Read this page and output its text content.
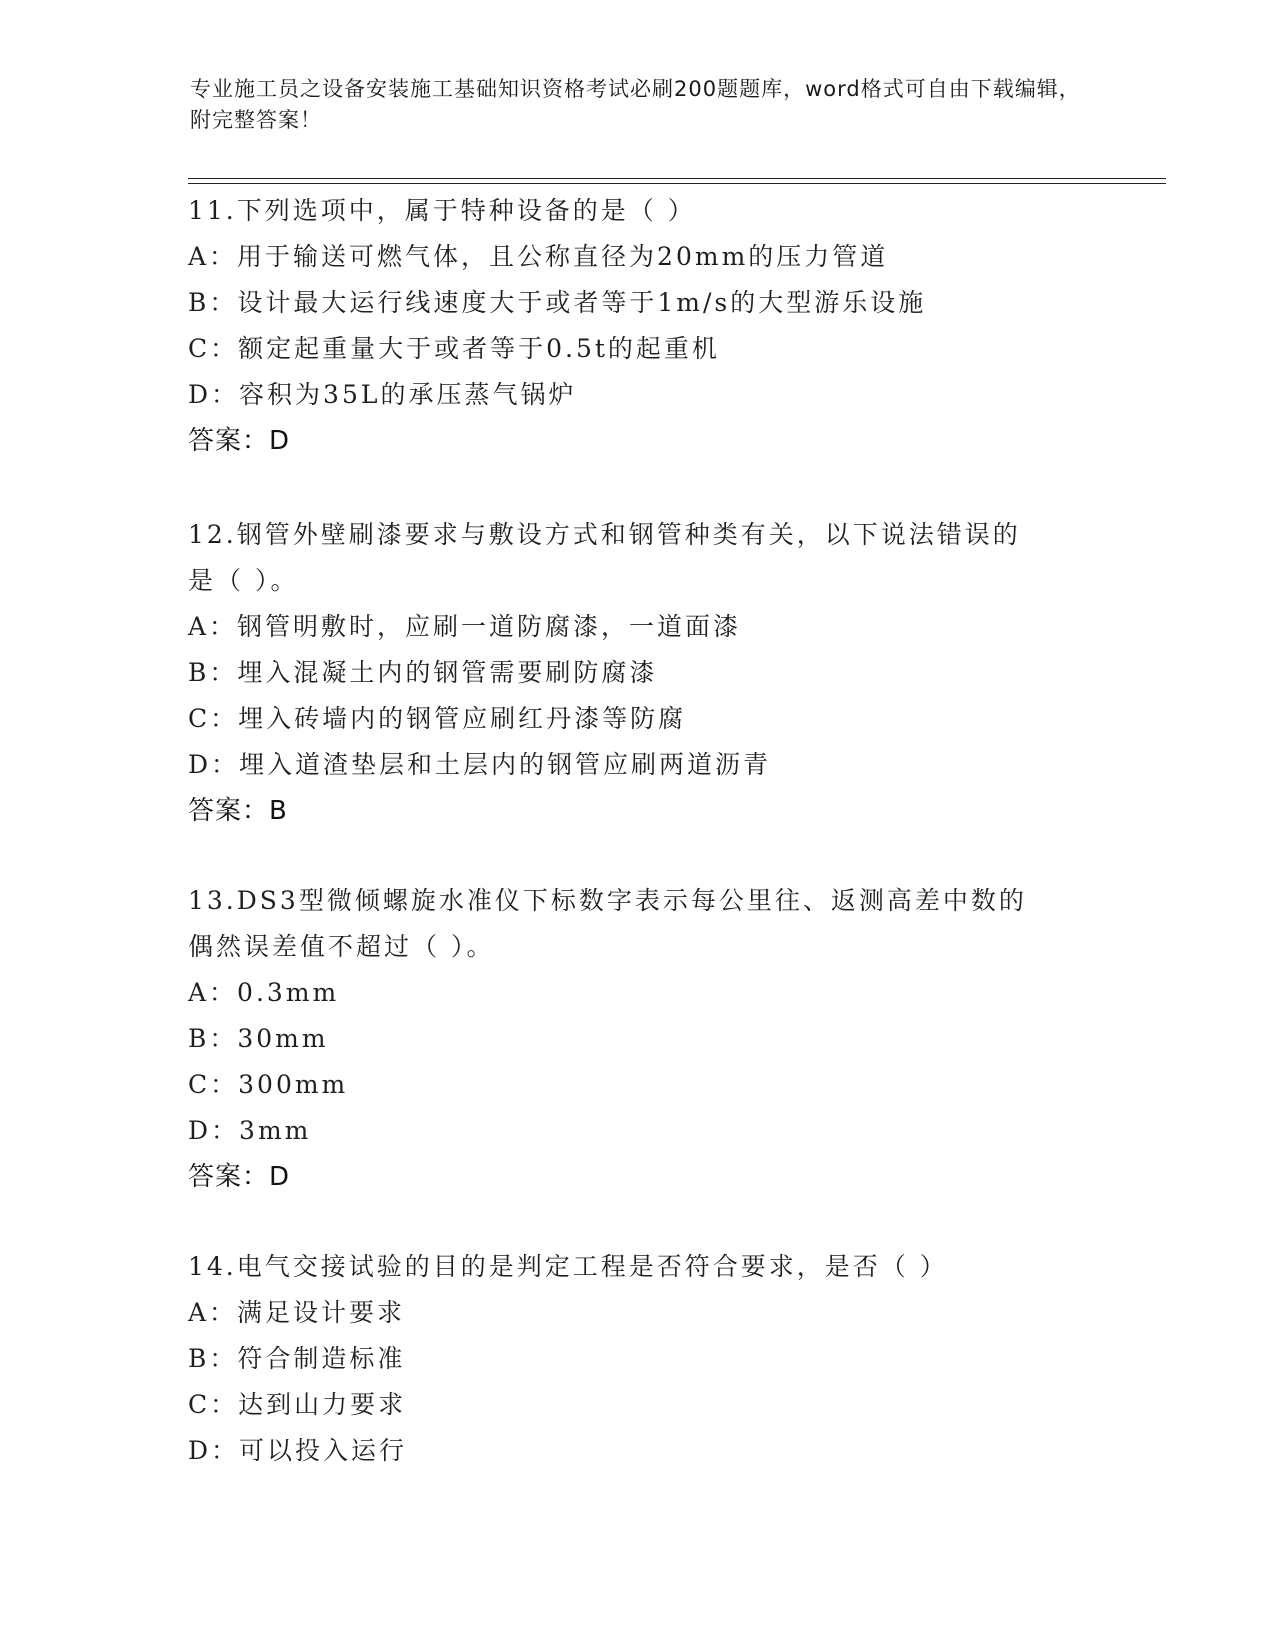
专业施工员之设备安装施工基础知识资格考试必刷200题题库，word格式可自由下载编辑，附完整答案！

11.下列选项中，属于特种设备的是（ ）

A：用于输送可燃气体，且公称直径为20mm的压力管道

B：设计最大运行线速度大于或者等于1m/s的大型游乐设施

C：额定起重量大于或者等于0.5t的起重机

D：容积为35L的承压蒸气锅炉

答案：D

12.钢管外壁刷漆要求与敷设方式和钢管种类有关，以下说法错误的是（ ）。

A：钢管明敷时，应刷一道防腐漆，一道面漆

B：埋入混凝土内的钢管需要刷防腐漆

C：埋入砖墙内的钢管应刷红丹漆等防腐

D：埋入道渣垫层和土层内的钢管应刷两道沥青

答案：B

13.DS3型微倾螺旋水准仪下标数字表示每公里往、返测高差中数的偶然误差值不超过（ ）。

A：0.3mm

B：30mm

C：300mm

D：3mm

答案：D

14.电气交接试验的目的是判定工程是否符合要求，是否（ ）

A：满足设计要求

B：符合制造标准

C：达到山力要求

D：可以投入运行
